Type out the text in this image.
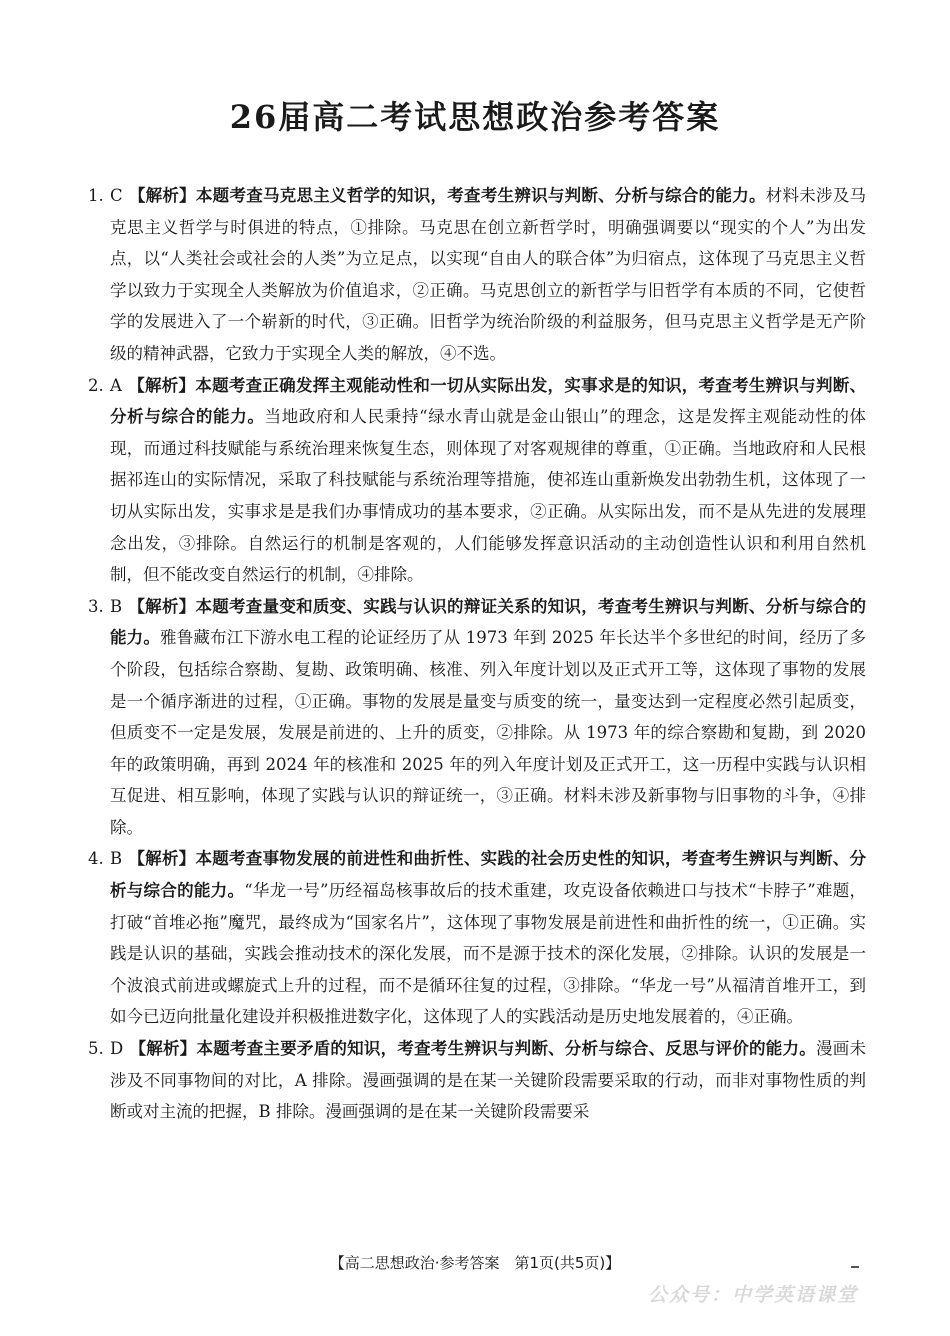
26届高二考试思想政治参考答案
1. C 【解析】本题考查马克思主义哲学的知识，考查考生辨识与判断、分析与综合的能力。材料未涉及马克思主义哲学与时俱进的特点，①排除。马克思在创立新哲学时，明确强调要以“现实的个人”为出发点，以“人类社会或社会的人类”为立足点，以实现“自由人的联合体”为归宿点，这体现了马克思主义哲学以致力于实现全人类解放为价值追求，②正确。马克思创立的新哲学与旧哲学有本质的不同，它使哲学的发展进入了一个崭新的时代，③正确。旧哲学为统治阶级的利益服务，但马克思主义哲学是无产阶级的精神武器，它致力于实现全人类的解放，④不选。
2. A 【解析】本题考查正确发挥主观能动性和一切从实际出发，实事求是的知识，考查考生辨识与判断、分析与综合的能力。当地政府和人民秉持“绿水青山就是金山银山”的理念，这是发挥主观能动性的体现，而通过科技赋能与系统治理来恢复生态，则体现了对客观规律的尊重，①正确。当地政府和人民根据祁连山的实际情况，采取了科技赋能与系统治理等措施，使祁连山重新焕发出勃勃生机，这体现了一切从实际出发，实事求是是我们办事情成功的基本要求，②正确。从实际出发，而不是从先进的发展理念出发，③排除。自然运行的机制是客观的，人们能够发挥意识活动的主动创造性认识和利用自然机制，但不能改变自然运行的机制，④排除。
3. B 【解析】本题考查量变和质变、实践与认识的辩证关系的知识，考查考生辨识与判断、分析与综合的能力。雅鲁藏布江下游水电工程的论证经历了从 1973 年到 2025 年长达半个多世纪的时间，经历了多个阶段，包括综合察勘、复勘、政策明确、核准、列入年度计划以及正式开工等，这体现了事物的发展是一个循序渐进的过程，①正确。事物的发展是量变与质变的统一，量变达到一定程度必然引起质变，但质变不一定是发展，发展是前进的、上升的质变，②排除。从 1973 年的综合察勘和复勘，到 2020 年的政策明确，再到 2024 年的核准和 2025 年的列入年度计划及正式开工，这一历程中实践与认识相互促进、相互影响，体现了实践与认识的辩证统一，③正确。材料未涉及新事物与旧事物的斗争，④排除。
4. B 【解析】本题考查事物发展的前进性和曲折性、实践的社会历史性的知识，考查考生辨识与判断、分析与综合的能力。“华龙一号”历经福岛核事故后的技术重建，攻克设备依赖进口与技术“卡脖子”难题，打破“首堆必拖”魔咒，最终成为“国家名片”，这体现了事物发展是前进性和曲折性的统一，①正确。实践是认识的基础，实践会推动技术的深化发展，而不是源于技术的深化发展，②排除。认识的发展是一个波浪式前进或螺旋式上升的过程，而不是循环往复的过程，③排除。“华龙一号”从福清首堆开工，到如今已迈向批量化建设并积极推进数字化，这体现了人的实践活动是历史地发展着的，④正确。
5. D 【解析】本题考查主要矛盾的知识，考查考生辨识与判断、分析与综合、反思与评价的能力。漫画未涉及不同事物间的对比，A 排除。漫画强调的是在某一关键阶段需要采取的行动，而非对事物性质的判断或对主流的把握，B 排除。漫画强调的是在某一关键阶段需要采
【高二思想政治·参考答案　第1页(共5页)】
公众号：中学英语课堂
